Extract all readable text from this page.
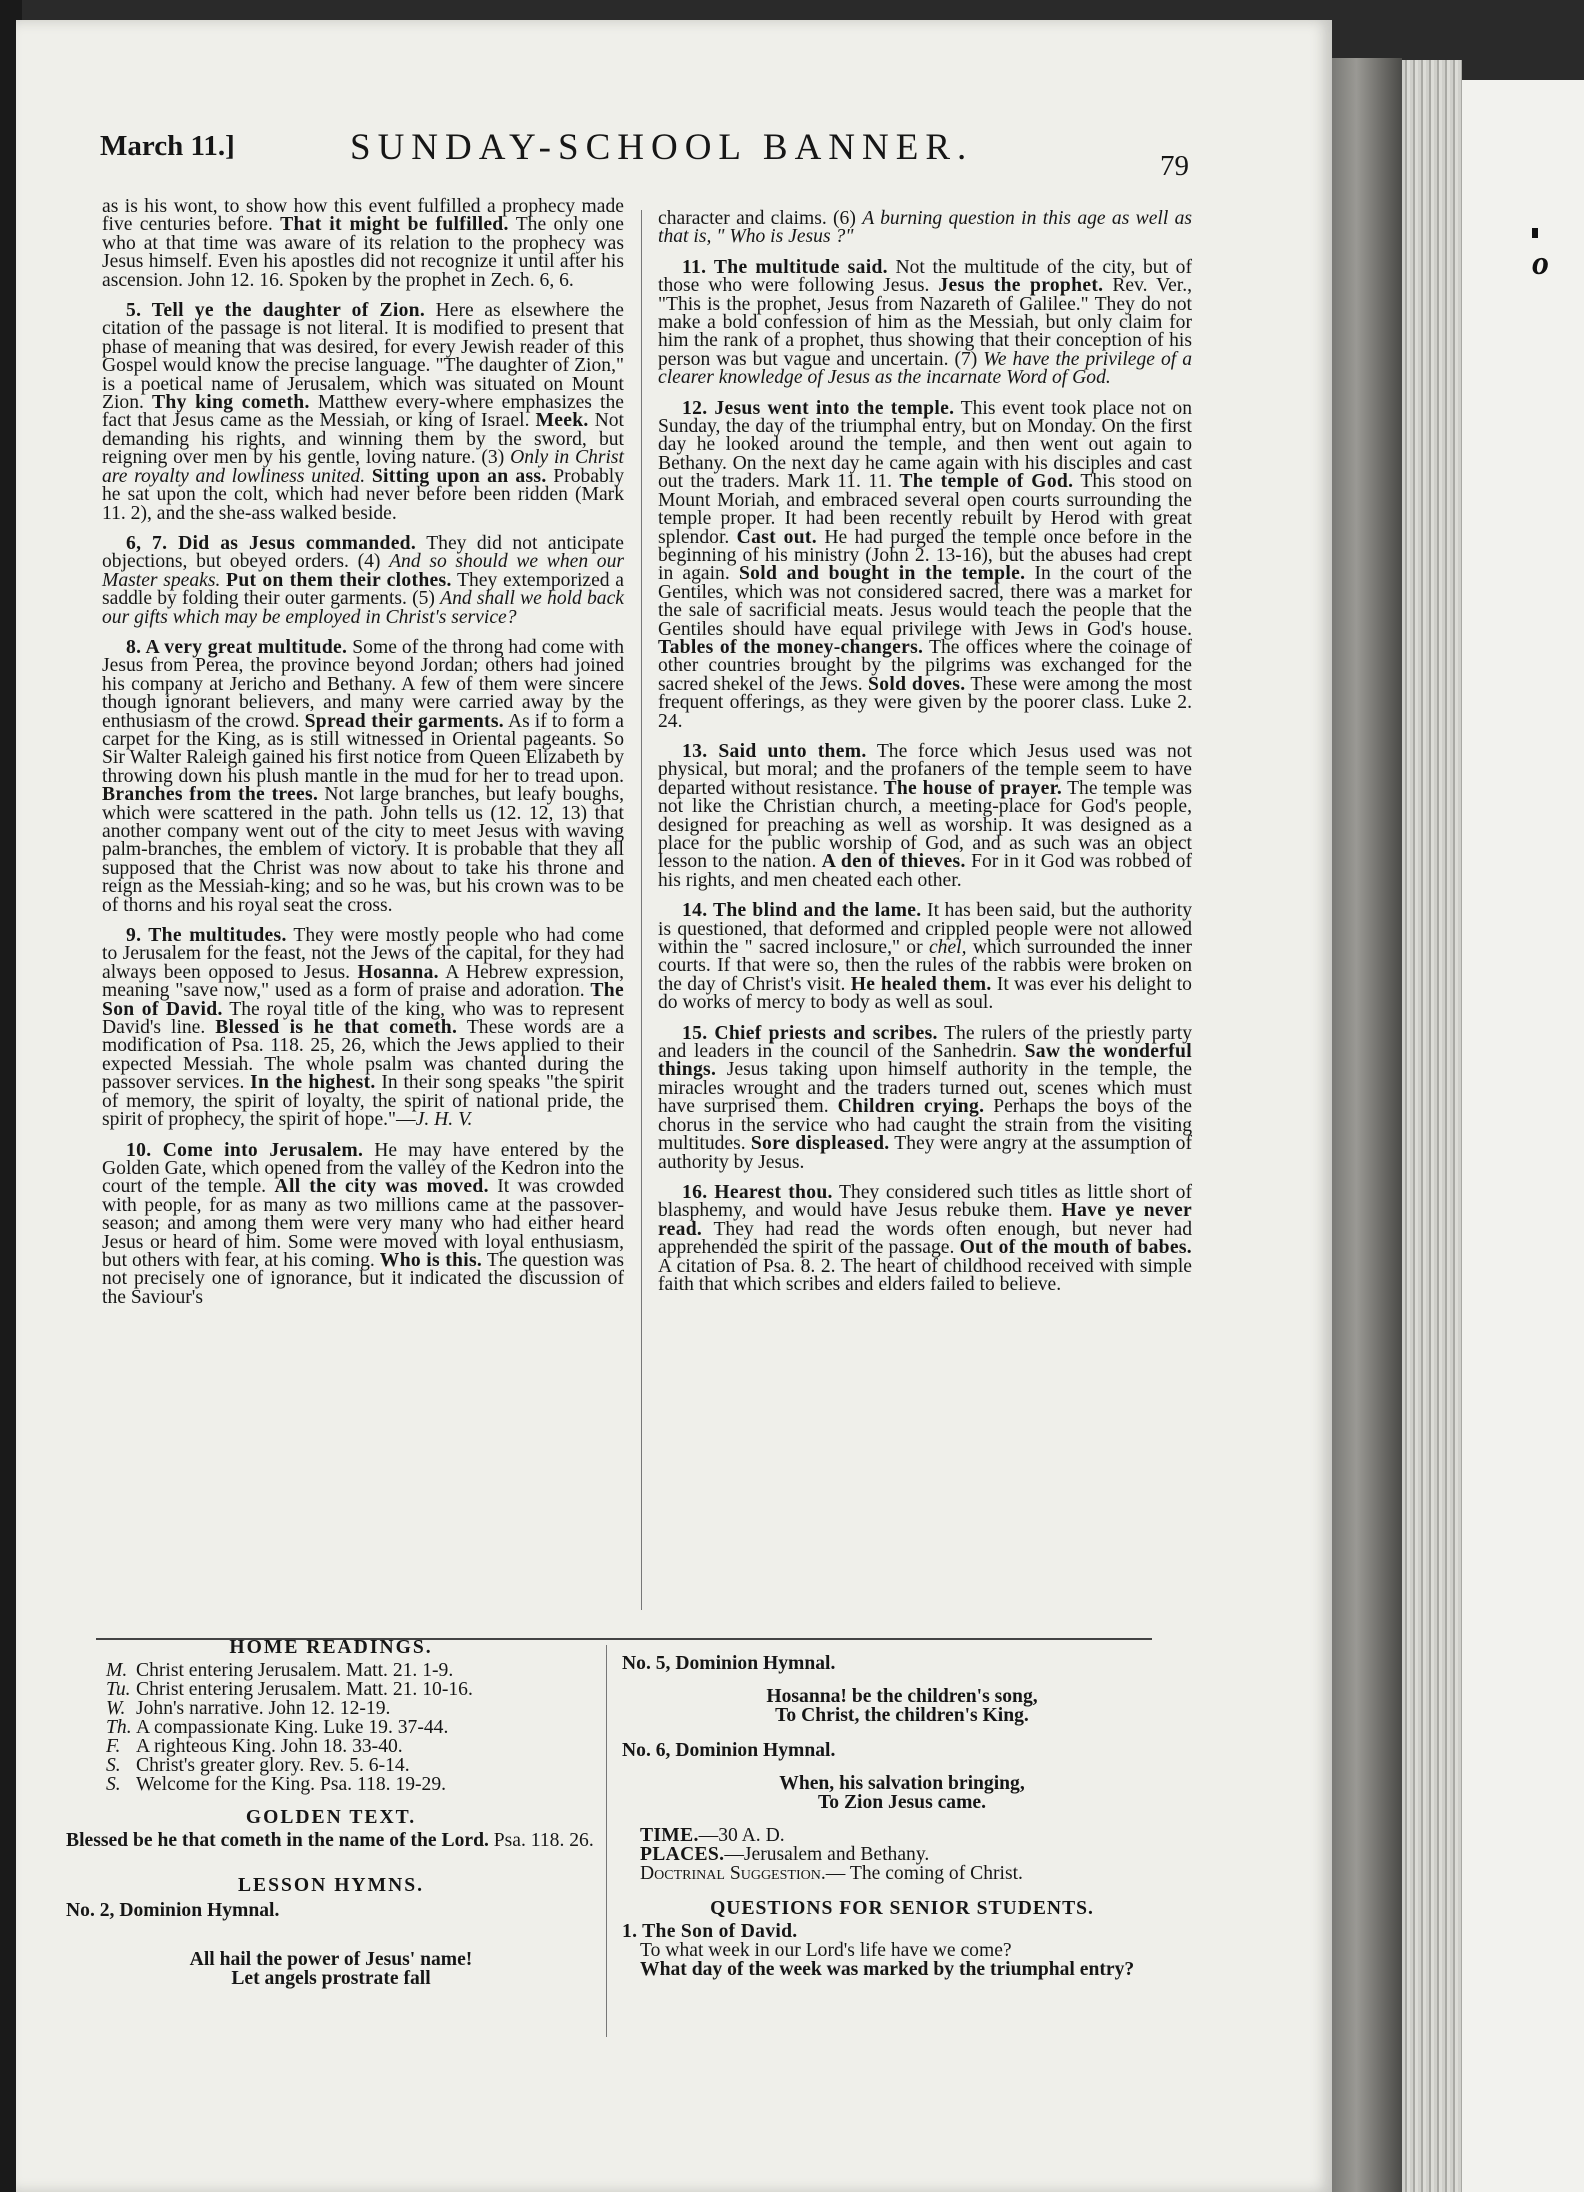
o
March 11.]	SUNDAY-SCHOOL BANNER.	79

as is his wont, to show how this event fulfilled a prophecy made five centuries before. That it might be fulfilled. The only one who at that time was aware of its relation to the prophecy was Jesus himself. Even his apostles did not recognize it until after his ascension. John 12. 16. Spoken by the prophet in Zech. 6, 6.

5. Tell ye the daughter of Zion. Here as elsewhere the citation of the passage is not literal. It is modified to present that phase of meaning that was desired, for every Jewish reader of this Gospel would know the precise language. "The daughter of Zion," is a poetical name of Jerusalem, which was situated on Mount Zion. Thy king cometh. Matthew every-where emphasizes the fact that Jesus came as the Messiah, or king of Israel. Meek. Not demanding his rights, and winning them by the sword, but reigning over men by his gentle, loving nature. (3) Only in Christ are royalty and lowliness united. Sitting upon an ass. Probably he sat upon the colt, which had never before been ridden (Mark 11. 2), and the she-ass walked beside.

6, 7. Did as Jesus commanded. They did not anticipate objections, but obeyed orders. (4) And so should we when our Master speaks. Put on them their clothes. They extemporized a saddle by folding their outer garments. (5) And shall we hold back our gifts which may be employed in Christ's service?

8. A very great multitude. Some of the throng had come with Jesus from Perea, the province beyond Jordan; others had joined his company at Jericho and Bethany. A few of them were sincere though ignorant believers, and many were carried away by the enthusiasm of the crowd. Spread their garments. As if to form a carpet for the King, as is still witnessed in Oriental pageants. So Sir Walter Raleigh gained his first notice from Queen Elizabeth by throwing down his plush mantle in the mud for her to tread upon. Branches from the trees. Not large branches, but leafy boughs, which were scattered in the path. John tells us (12. 12, 13) that another company went out of the city to meet Jesus with waving palm-branches, the emblem of victory. It is probable that they all supposed that the Christ was now about to take his throne and reign as the Messiah-king; and so he was, but his crown was to be of thorns and his royal seat the cross.

9. The multitudes. They were mostly people who had come to Jerusalem for the feast, not the Jews of the capital, for they had always been opposed to Jesus. Hosanna. A Hebrew expression, meaning "save now," used as a form of praise and adoration. The Son of David. The royal title of the king, who was to represent David's line. Blessed is he that cometh. These words are a modification of Psa. 118. 25, 26, which the Jews applied to their expected Messiah. The whole psalm was chanted during the passover services. In the highest. In their song speaks "the spirit of memory, the spirit of loyalty, the spirit of national pride, the spirit of prophecy, the spirit of hope."—J. H. V.

10. Come into Jerusalem. He may have entered by the Golden Gate, which opened from the valley of the Kedron into the court of the temple. All the city was moved. It was crowded with people, for as many as two millions came at the passover-season; and among them were very many who had either heard Jesus or heard of him. Some were moved with loyal enthusiasm, but others with fear, at his coming. Who is this. The question was not precisely one of ignorance, but it indicated the discussion of the Saviour's

character and claims. (6) A burning question in this age as well as that is, " Who is Jesus ?"

11. The multitude said. Not the multitude of the city, but of those who were following Jesus. Jesus the prophet. Rev. Ver., "This is the prophet, Jesus from Nazareth of Galilee." They do not make a bold confession of him as the Messiah, but only claim for him the rank of a prophet, thus showing that their conception of his person was but vague and uncertain. (7) We have the privilege of a clearer knowledge of Jesus as the incarnate Word of God.

12. Jesus went into the temple. This event took place not on Sunday, the day of the triumphal entry, but on Monday. On the first day he looked around the temple, and then went out again to Bethany. On the next day he came again with his disciples and cast out the traders. Mark 11. 11. The temple of God. This stood on Mount Moriah, and embraced several open courts surrounding the temple proper. It had been recently rebuilt by Herod with great splendor. Cast out. He had purged the temple once before in the beginning of his ministry (John 2. 13-16), but the abuses had crept in again. Sold and bought in the temple. In the court of the Gentiles, which was not considered sacred, there was a market for the sale of sacrificial meats. Jesus would teach the people that the Gentiles should have equal privilege with Jews in God's house. Tables of the money-changers. The offices where the coinage of other countries brought by the pilgrims was exchanged for the sacred shekel of the Jews. Sold doves. These were among the most frequent offerings, as they were given by the poorer class. Luke 2. 24.

13. Said unto them. The force which Jesus used was not physical, but moral; and the profaners of the temple seem to have departed without resistance. The house of prayer. The temple was not like the Christian church, a meeting-place for God's people, designed for preaching as well as worship. It was designed as a place for the public worship of God, and as such was an object lesson to the nation. A den of thieves. For in it God was robbed of his rights, and men cheated each other.

14. The blind and the lame. It has been said, but the authority is questioned, that deformed and crippled people were not allowed within the " sacred inclosure," or chel, which surrounded the inner courts. If that were so, then the rules of the rabbis were broken on the day of Christ's visit. He healed them. It was ever his delight to do works of mercy to body as well as soul.

15. Chief priests and scribes. The rulers of the priestly party and leaders in the council of the Sanhedrin. Saw the wonderful things. Jesus taking upon himself authority in the temple, the miracles wrought and the traders turned out, scenes which must have surprised them. Children crying. Perhaps the boys of the chorus in the service who had caught the strain from the visiting multitudes. Sore displeased. They were angry at the assumption of authority by Jesus.

16. Hearest thou. They considered such titles as little short of blasphemy, and would have Jesus rebuke them. Have ye never read. They had read the words often enough, but never had apprehended the spirit of the passage. Out of the mouth of babes. A citation of Psa. 8. 2. The heart of childhood received with simple faith that which scribes and elders failed to believe.

HOME READINGS.
M. Christ entering Jerusalem. Matt. 21. 1-9.
Tu. Christ entering Jerusalem. Matt. 21. 10-16.
W. John's narrative. John 12. 12-19.
Th. A compassionate King. Luke 19. 37-44.
F. A righteous King. John 18. 33-40.
S. Christ's greater glory. Rev. 5. 6-14.
S. Welcome for the King. Psa. 118. 19-29.
GOLDEN TEXT.

Blessed be he that cometh in the name of the Lord. Psa. 118. 26.

LESSON HYMNS.
No. 2, Dominion Hymnal.
All hail the power of Jesus' name!
Let angels prostrate fall
No. 5, Dominion Hymnal.
Hosanna! be the children's song,
To Christ, the children's King.
No. 6, Dominion Hymnal.
When, his salvation bringing,
To Zion Jesus came.
TIME.—30 A. D.
PLACES.—Jerusalem and Bethany.
Doctrinal Suggestion.— The coming of Christ.
QUESTIONS FOR SENIOR STUDENTS.
1. The Son of David.
To what week in our Lord's life have we come?
What day of the week was marked by the triumphal entry?
